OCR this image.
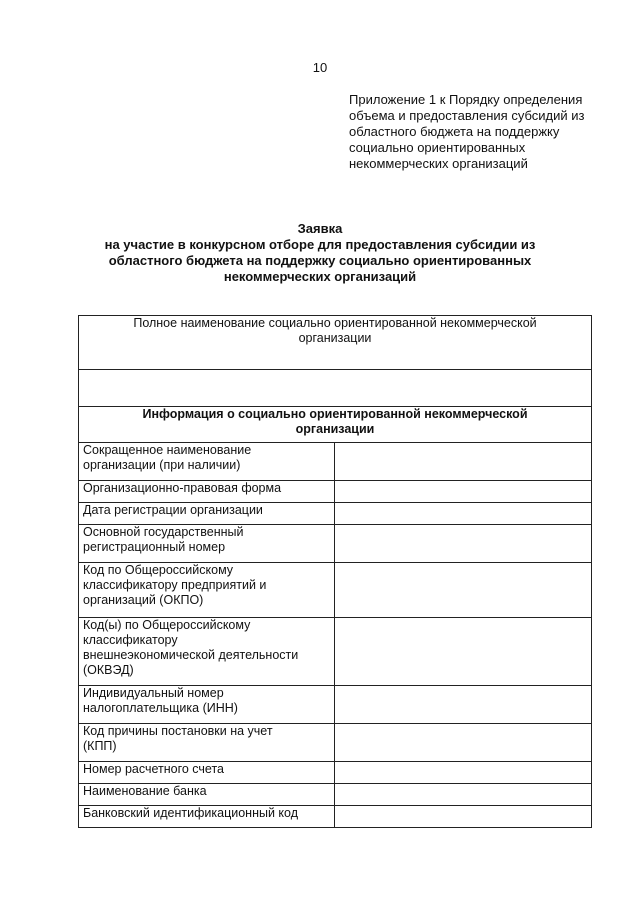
10
Приложение 1 к Порядку определения
объема и предоставления субсидий из
областного бюджета на поддержку
социально ориентированных
некоммерческих организаций
Заявка
на участие в конкурсном отборе для предоставления субсидии из
областного бюджета на поддержку социально ориентированных
некоммерческих организаций
Полное наименование социально ориентированной некоммерческой
организации	

Информация о социально ориентированной некоммерческой
организации	

Сокращенное наименование
организации (при наличии)	

Организационно-правовая форма	

Дата регистрации организации	

Основной государственный
регистрационный номер	

Код по Общероссийскому
классификатору предприятий и
организаций (ОКПО)	

Код(ы) по Общероссийскому
классификатору
внешнеэкономической деятельности
(ОКВЭД)	

Индивидуальный номер
налогоплательщика (ИНН)	

Код причины постановки на учет
(КПП)	

Номер расчетного счета	

Наименование банка	

Банковский идентификационный код	
